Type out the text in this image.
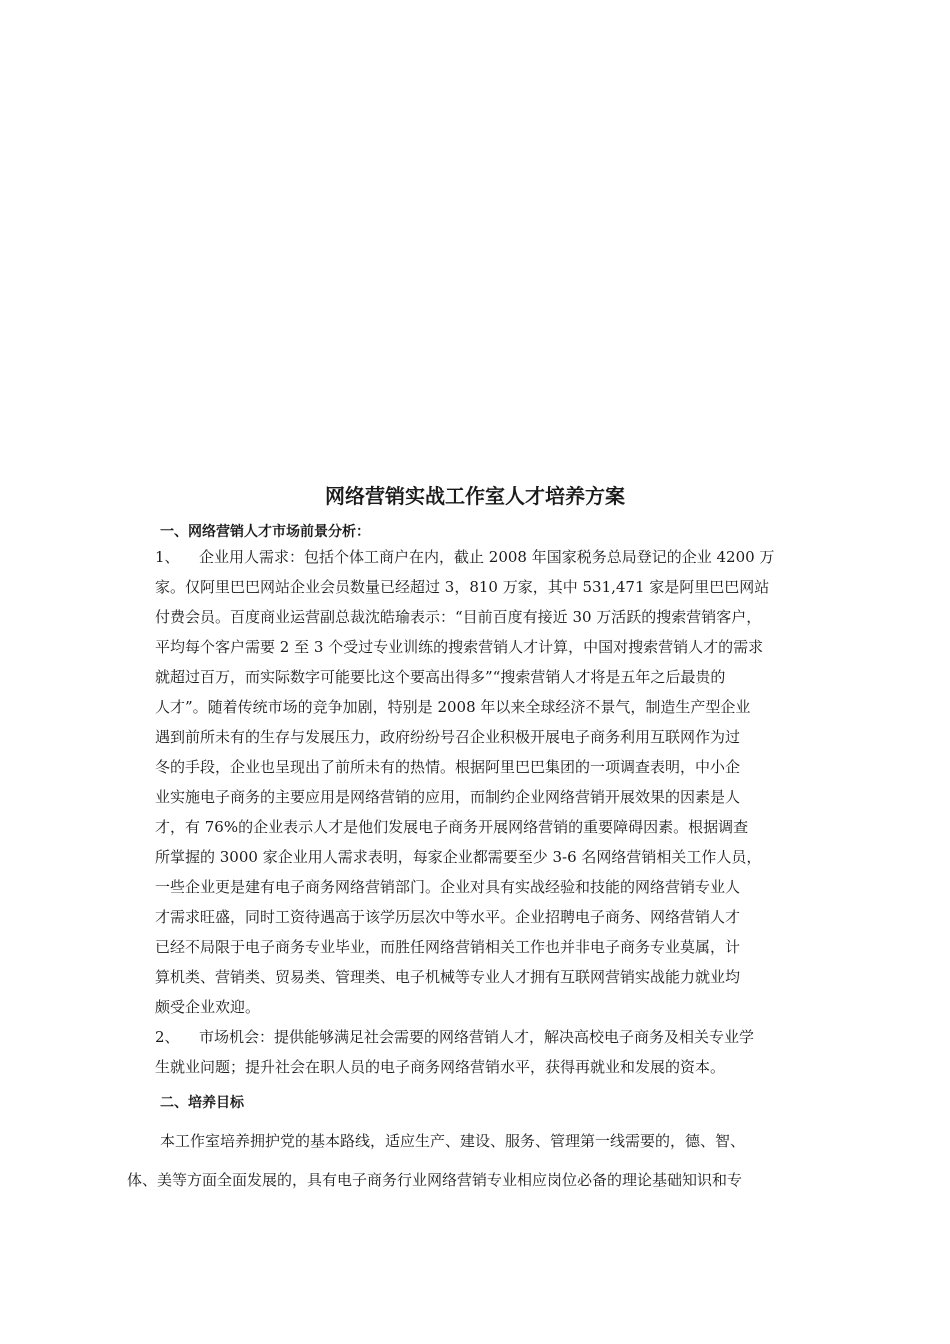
网络营销实战工作室人才培养方案
一、网络营销人才市场前景分析：
1、 企业用人需求：包括个体工商户在内，截止 2008 年国家税务总局登记的企业 4200 万
家。仅阿里巴巴网站企业会员数量已经超过 3，810 万家，其中 531,471 家是阿里巴巴网站
付费会员。百度商业运营副总裁沈皓瑜表示：“目前百度有接近 30 万活跃的搜索营销客户，
平均每个客户需要 2 至 3 个受过专业训练的搜索营销人才计算，中国对搜索营销人才的需求
就超过百万，而实际数字可能要比这个要高出得多”“搜索营销人才将是五年之后最贵的
人才”。随着传统市场的竞争加剧，特别是 2008 年以来全球经济不景气，制造生产型企业
遇到前所未有的生存与发展压力，政府纷纷号召企业积极开展电子商务利用互联网作为过
冬的手段，企业也呈现出了前所未有的热情。根据阿里巴巴集团的一项调查表明，中小企
业实施电子商务的主要应用是网络营销的应用，而制约企业网络营销开展效果的因素是人
才，有 76%的企业表示人才是他们发展电子商务开展网络营销的重要障碍因素。根据调查
所掌握的 3000 家企业用人需求表明，每家企业都需要至少 3-6 名网络营销相关工作人员，
一些企业更是建有电子商务网络营销部门。企业对具有实战经验和技能的网络营销专业人
才需求旺盛，同时工资待遇高于该学历层次中等水平。企业招聘电子商务、网络营销人才
已经不局限于电子商务专业毕业，而胜任网络营销相关工作也并非电子商务专业莫属，计
算机类、营销类、贸易类、管理类、电子机械等专业人才拥有互联网营销实战能力就业均
颇受企业欢迎。
2、 市场机会：提供能够满足社会需要的网络营销人才，解决高校电子商务及相关专业学
生就业问题；提升社会在职人员的电子商务网络营销水平，获得再就业和发展的资本。
二、培养目标
本工作室培养拥护党的基本路线，适应生产、建设、服务、管理第一线需要的，德、智、
体、美等方面全面发展的，具有电子商务行业网络营销专业相应岗位必备的理论基础知识和专
